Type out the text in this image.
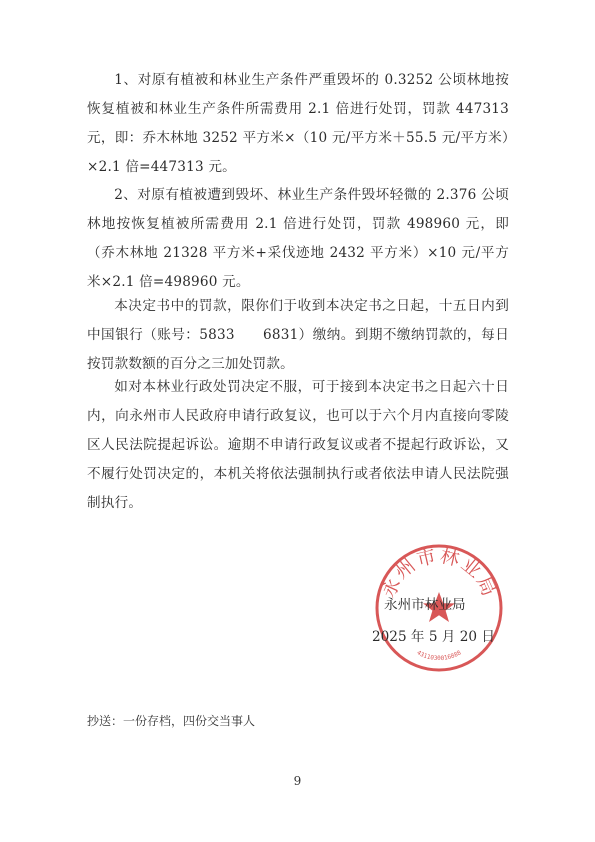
1、对原有植被和林业生产条件严重毁坏的 0.3252 公顷林地按恢复植被和林业生产条件所需费用 2.1 倍进行处罚，罚款 447313 元，即：乔木林地 3252 平方米×（10 元/平方米＋55.5 元/平方米）×2.1 倍=447313 元。

2、对原有植被遭到毁坏、林业生产条件毁坏轻微的 2.376 公顷林地按恢复植被所需费用 2.1 倍进行处罚，罚款 498960 元，即（乔木林地 21328 平方米+采伐迹地 2432 平方米）×10 元/平方米×2.1 倍=498960 元。

本决定书中的罚款，限你们于收到本决定书之日起，十五日内到中国银行（账号：5833　　6831）缴纳。到期不缴纳罚款的，每日按罚款数额的百分之三加处罚款。

如对本林业行政处罚决定不服，可于接到本决定书之日起六十日内，向永州市人民政府申请行政复议，也可以于六个月内直接向零陵区人民法院提起诉讼。逾期不申请行政复议或者不提起行政诉讼，又不履行处罚决定的，本机关将依法强制执行或者依法申请人民法院强制执行。

永州市林业局
4311030016888

永州市林业局

2025 年 5 月 20 日

抄送：一份存档，四份交当事人

9
